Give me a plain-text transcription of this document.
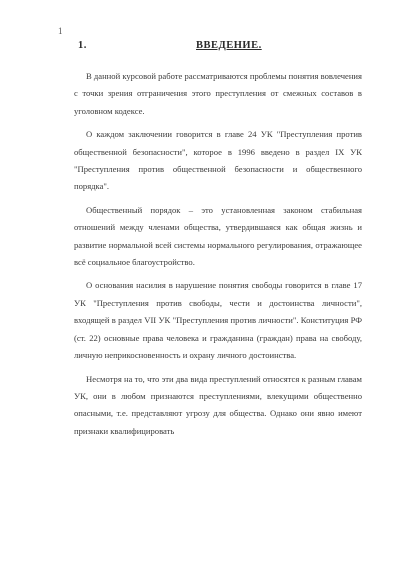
1
1.	ВВЕДЕНИЕ.

В данной курсовой работе рассматриваются проблемы понятия вовлечения с точки зрения отграничения этого преступления от смежных составов в уголовном кодексе.

О каждом заключении говорится в главе 24 УК "Преступления против общественной безопасности", которое в 1996 введено в раздел IX УК "Преступления против общественной безопасности и общественного порядка".

Общественный порядок – это установленная законом стабильная отношений между членами общества, утвердившаяся как общая жизнь и развитие нормальной всей системы нормального регулирования, отражающее всё социальное благоустройство.

О основания насилия в нарушение понятия свободы говорится в главе 17 УК "Преступления против свободы, чести и достоинства личности", входящей в раздел VII УК "Преступления против личности". Конституция РФ (ст. 22) основные права человека и гражданина (граждан) права на свободу, личную неприкосновенность и охрану личного достоинства.

Несмотря на то, что эти два вида преступлений относятся к разным главам УК, они в любом признаются преступлениями, влекущими общественно опасными, т.е. представляют угрозу для общества. Однако они явно имеют признаки квалифицировать
